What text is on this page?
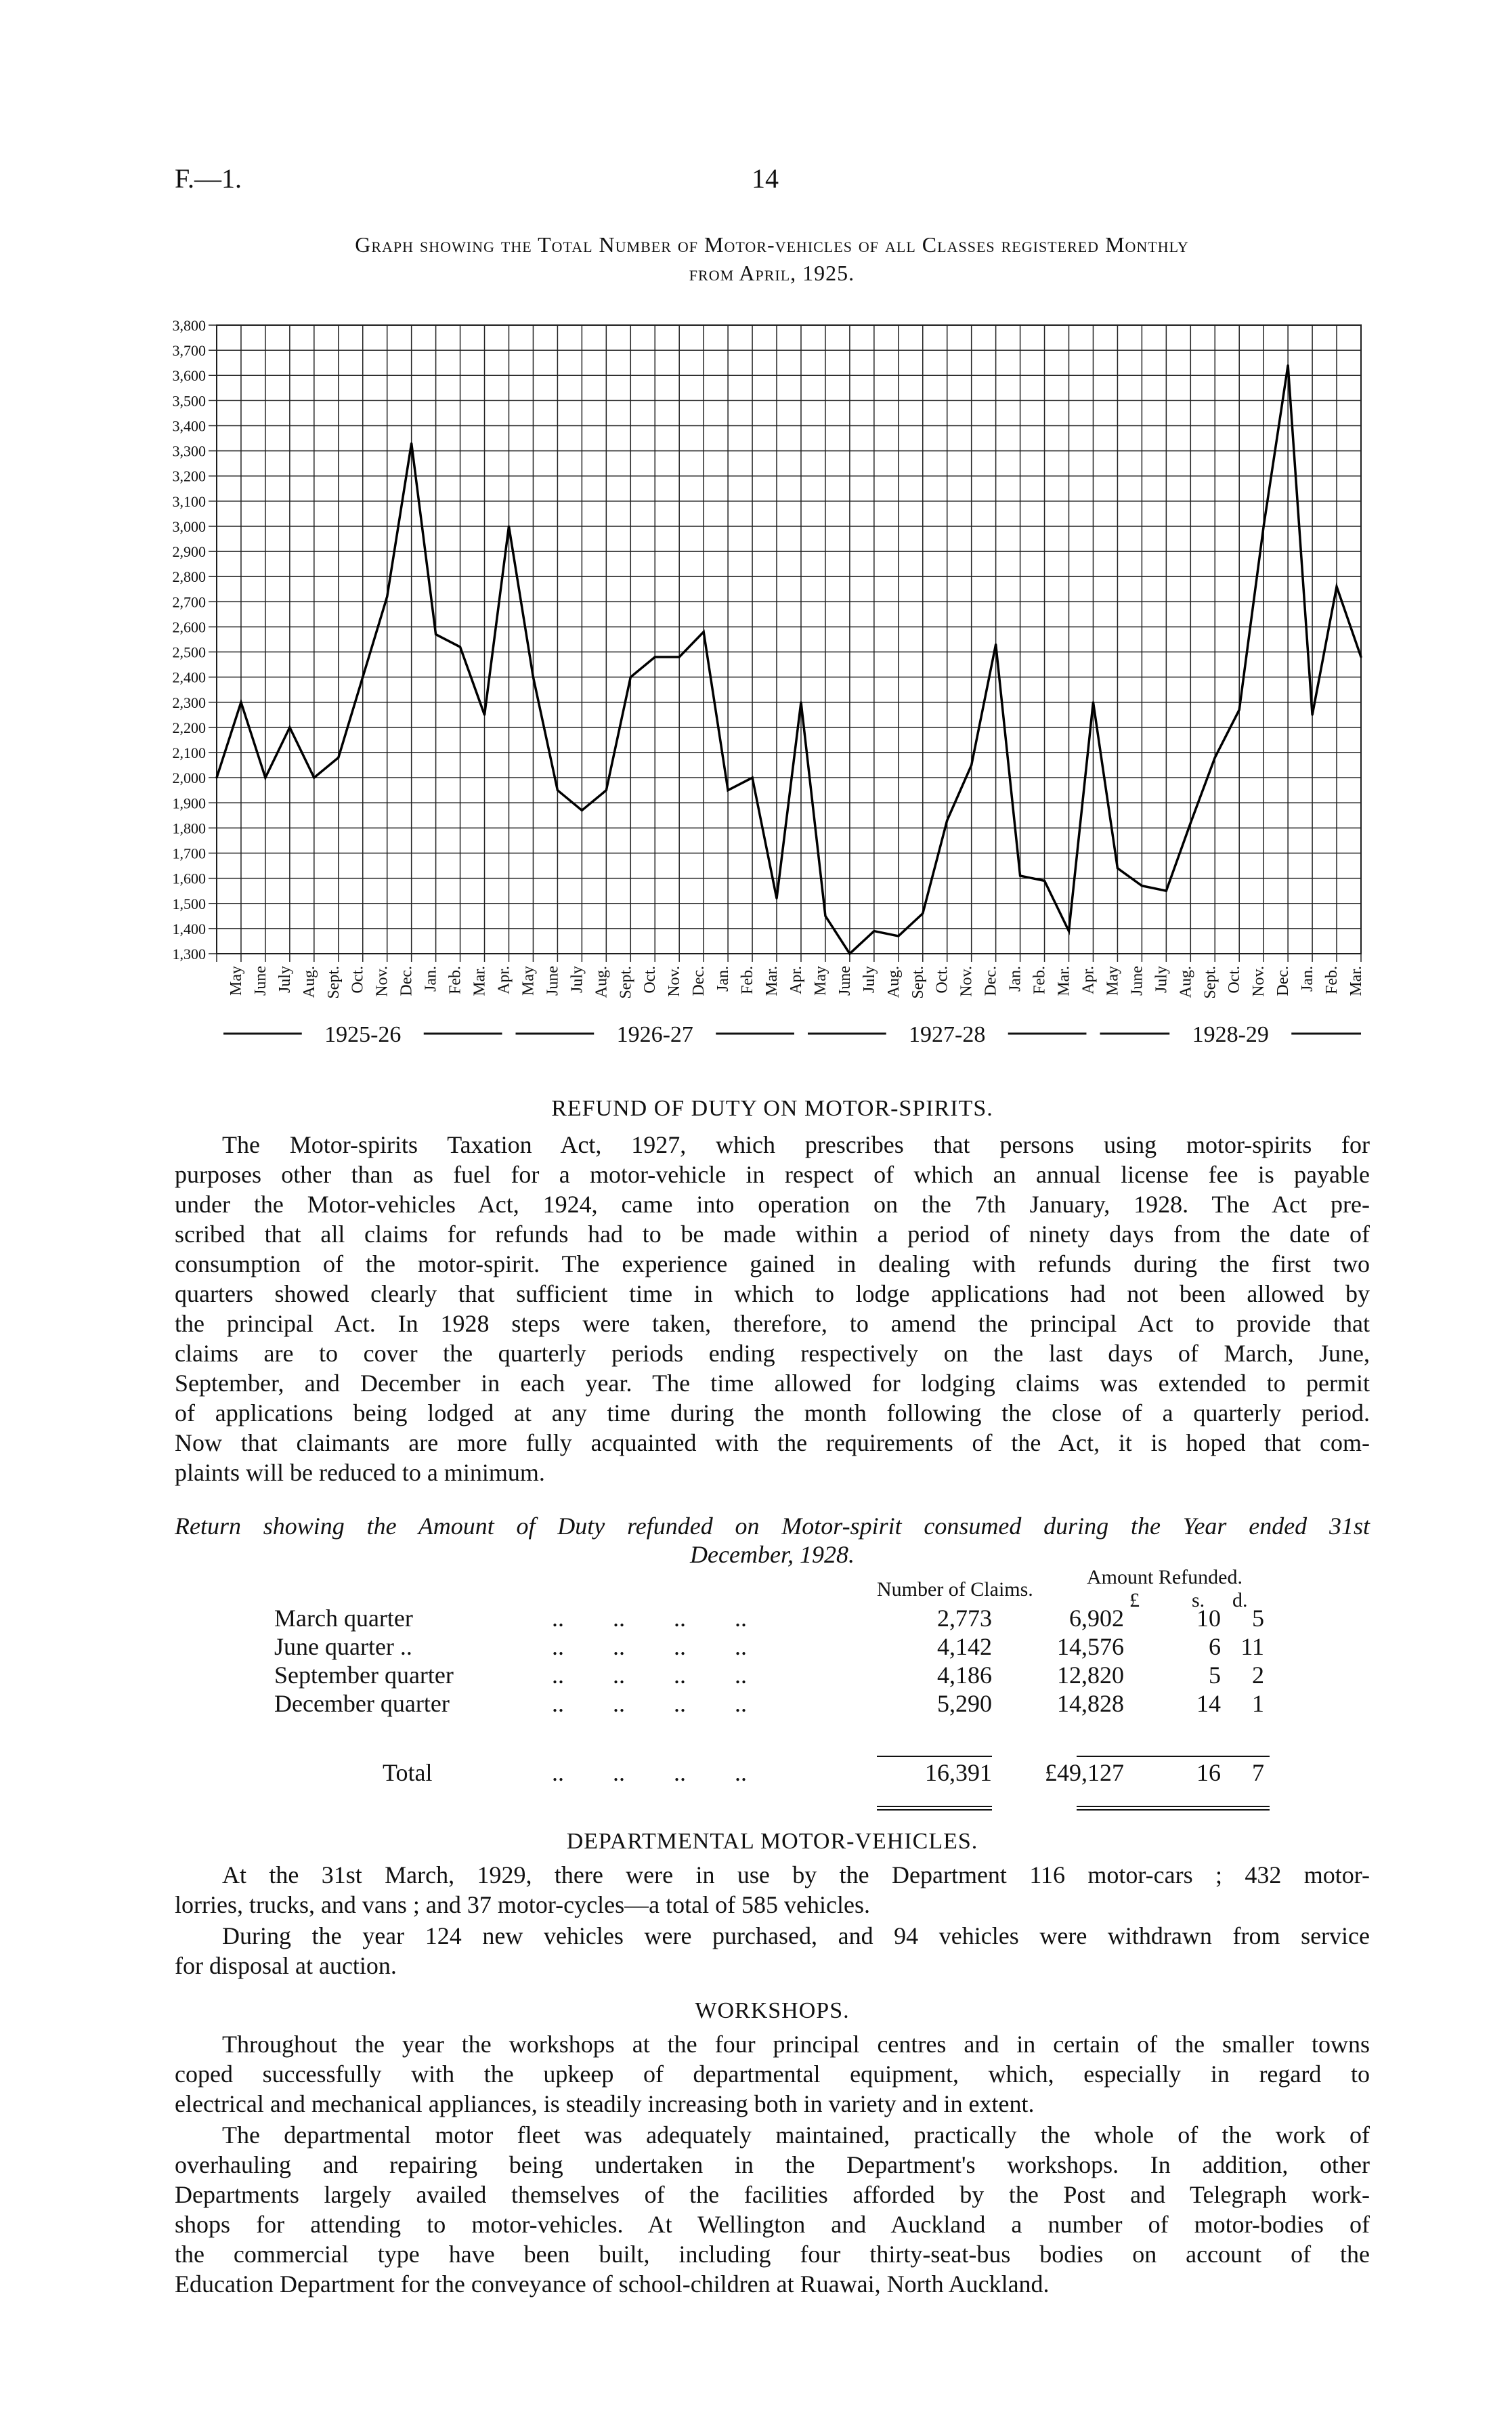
F.—1.	14
Graph showing the Total Number of Motor-vehicles of all Classes registered Monthly
from April, 1925.
3,800
3,700
3,600
3,500
3,400
3,300
3,200
3,100
3,000
2,900
2,800
2,700
2,600
2,500
2,400
2,300
2,200
2,100
2,000
1,900
1,800
1,700
1,600
1,500
1,400
1,300
May June July Aug. Sept. Oct. Nov. Dec. Jan. Feb. Mar. Apr. May June July Aug. Sept. Oct. Nov. Dec. Jan. Feb. Mar. Apr. May June July Aug. Sept. Oct. Nov. Dec. Jan. Feb. Mar. Apr. May June July Aug. Sept. Oct. Nov. Dec. Jan. Feb. Mar.
1925-26	1926-27	1927-28	1928-29
REFUND OF DUTY ON MOTOR-SPIRITS.
The Motor-spirits Taxation Act, 1927, which prescribes that persons using motor-spirits for
purposes other than as fuel for a motor-vehicle in respect of which an annual license fee is payable
under the Motor-vehicles Act, 1924, came into operation on the 7th January, 1928. The Act pre-
scribed that all claims for refunds had to be made within a period of ninety days from the date of
consumption of the motor-spirit. The experience gained in dealing with refunds during the first two
quarters showed clearly that sufficient time in which to lodge applications had not been allowed by
the principal Act. In 1928 steps were taken, therefore, to amend the principal Act to provide that
claims are to cover the quarterly periods ending respectively on the last days of March, June,
September, and December in each year. The time allowed for lodging claims was extended to permit
of applications being lodged at any time during the month following the close of a quarterly period.
Now that claimants are more fully acquainted with the requirements of the Act, it is hoped that com-
plaints will be reduced to a minimum.
Return showing the Amount of Duty refunded on Motor-spirit consumed during the Year ended 31st
December, 1928.
Number of Claims.
Amount Refunded.
£	s. d.
March quarter	2,773	6,902	10	5
..        ..        ..        ..
June quarter ..	4,142	14,576	6 11
..        ..        ..        ..
September quarter	4,186	12,820	5	2
..        ..        ..        ..
December quarter	5,290	14,828	14	1
..        ..        ..        ..
Total	16,391	£49,127	16	7
..        ..        ..        ..
DEPARTMENTAL MOTOR-VEHICLES.
At the 31st March, 1929, there were in use by the Department 116 motor-cars ; 432 motor-
lorries, trucks, and vans ; and 37 motor-cycles—a total of 585 vehicles.
During the year 124 new vehicles were purchased, and 94 vehicles were withdrawn from service
for disposal at auction.
WORKSHOPS.
Throughout the year the workshops at the four principal centres and in certain of the smaller towns
coped successfully with the upkeep of departmental equipment, which, especially in regard to
electrical and mechanical appliances, is steadily increasing both in variety and in extent.
The departmental motor fleet was adequately maintained, practically the whole of the work of
overhauling and repairing being undertaken in the Department's workshops. In addition, other
Departments largely availed themselves of the facilities afforded by the Post and Telegraph work-
shops for attending to motor-vehicles. At Wellington and Auckland a number of motor-bodies of
the commercial type have been built, including four thirty-seat-bus bodies on account of the
Education Department for the conveyance of school-children at Ruawai, North Auckland.
